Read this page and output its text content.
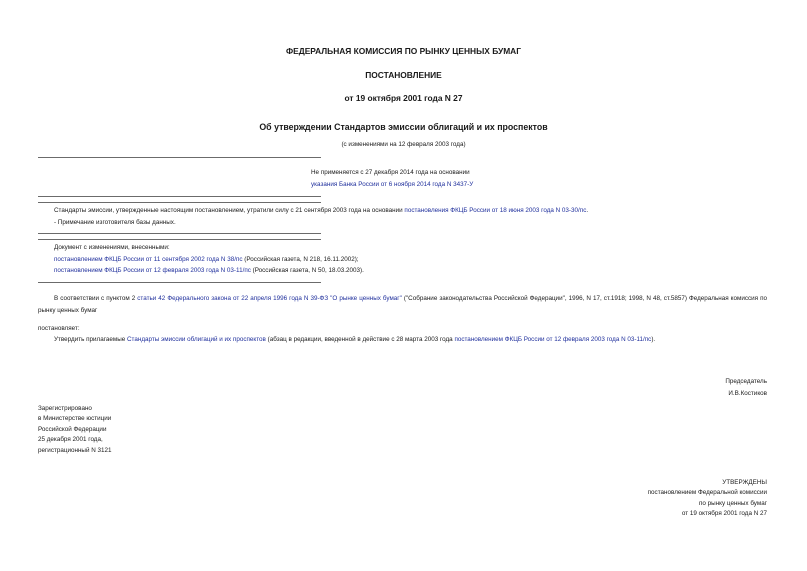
ФЕДЕРАЛЬНАЯ КОМИССИЯ ПО РЫНКУ ЦЕННЫХ БУМАГ
ПОСТАНОВЛЕНИЕ
от 19 октября 2001 года N 27
Об утверждении Стандартов эмиссии облигаций и их проспектов
(с изменениями на 12 февраля 2003 года)
Не применяется с 27 декабря 2014 года на основании
указания Банка России от 6 ноября 2014 года N 3437-У
Стандарты эмиссии, утвержденные настоящим постановлением, утратили силу с 21 сентября 2003 года на основании постановления ФКЦБ России от 18 июня 2003 года N 03-30/пс.
- Примечание изготовителя базы данных.
Документ с изменениями, внесенными:
постановлением ФКЦБ России от 11 сентября 2002 года N 38/пс (Российская газета, N 218, 16.11.2002);
постановлением ФКЦБ России от 12 февраля 2003 года N 03-11/пс (Российская газета, N 50, 18.03.2003).
В соответствии с пунктом 2 статьи 42 Федерального закона от 22 апреля 1996 года N 39-ФЗ "О рынке ценных бумаг" ("Собрание законодательства Российской Федерации", 1996, N 17, ст.1918; 1998, N 48, ст.5857) Федеральная комиссия по рынку ценных бумаг
постановляет:
Утвердить прилагаемые Стандарты эмиссии облигаций и их проспектов (абзац в редакции, введенной в действие с 28 марта 2003 года постановлением ФКЦБ России от 12 февраля 2003 года N 03-11/пс).
Председатель
И.В.Костиков
Зарегистрировано
в Министерстве юстиции
Российской Федерации
25 декабря 2001 года,
регистрационный N 3121
УТВЕРЖДЕНЫ
постановлением Федеральной комиссии
по рынку ценных бумаг
от 19 октября 2001 года N 27
